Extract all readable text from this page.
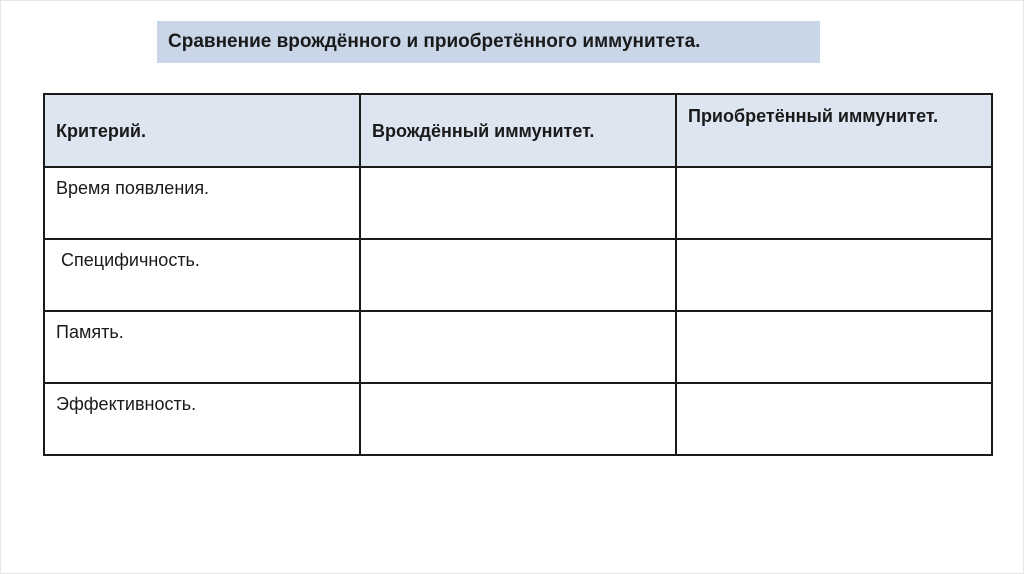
Сравнение врождённого и приобретённого иммунитета.
Критерий.	Врождённый иммунитет.	Приобретённый иммунитет.

Время появления.		

Специфичность.		

Память.		

Эффективность.		
